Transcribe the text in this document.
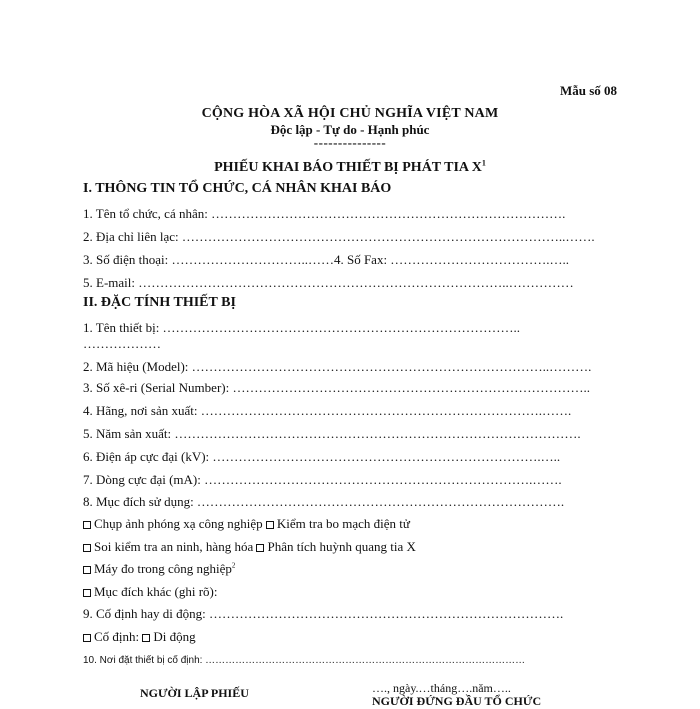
Mẫu số 08
CỘNG HÒA XÃ HỘI CHỦ NGHĨA VIỆT NAM
Độc lập - Tự do - Hạnh phúc
---------------
PHIẾU KHAI BÁO THIẾT BỊ PHÁT TIA $X^1$
I. THÔNG TIN TỔ CHỨC, CÁ NHÂN KHAI BÁO
1. Tên tổ chức, cá nhân: ……………………………………………………………………….
2. Địa chỉ liên lạc: ……………………………………………………………………………..…….
3. Số điện thoại: …………………………..……4. Số Fax: ……………………………….…..
5. E-mail: …………………………………………………………………………..……………
II. ĐẶC TÍNH THIẾT BỊ
1. Tên thiết bị: ………………………………………………………………………..
………………
2. Mã hiệu (Model): ………………………………………………………………………..……….
3. Số xê-ri (Serial Number): ………………………………………………………………………..
4. Hãng, nơi sản xuất: …………………………………………………………………….…….
5. Năm sản xuất: ………………………………………………………………………………….
6. Điện áp cực đại (kV): ………………………………………………………………….…..
7. Dòng cực đại (mA): ………………………………………………………………….…….
8. Mục đích sử dụng: ………………………………………………………………………….
Chụp ảnh phóng xạ công nghiệp Kiểm tra bo mạch điện tử
Soi kiểm tra an ninh, hàng hóa Phân tích huỳnh quang tia X
Máy đo trong công nghiệp$^2$
Mục đích khác (ghi rõ):
9. Cố định hay di động: ……………………………………………………………………….
Cố định: Di động
10. Nơi đặt thiết bị cố định: ……………………………………………………………………………………
…., ngày.…tháng….năm…..
NGƯỜI LẬP PHIẾU
NGƯỜI ĐỨNG ĐẦU TỔ CHỨC
